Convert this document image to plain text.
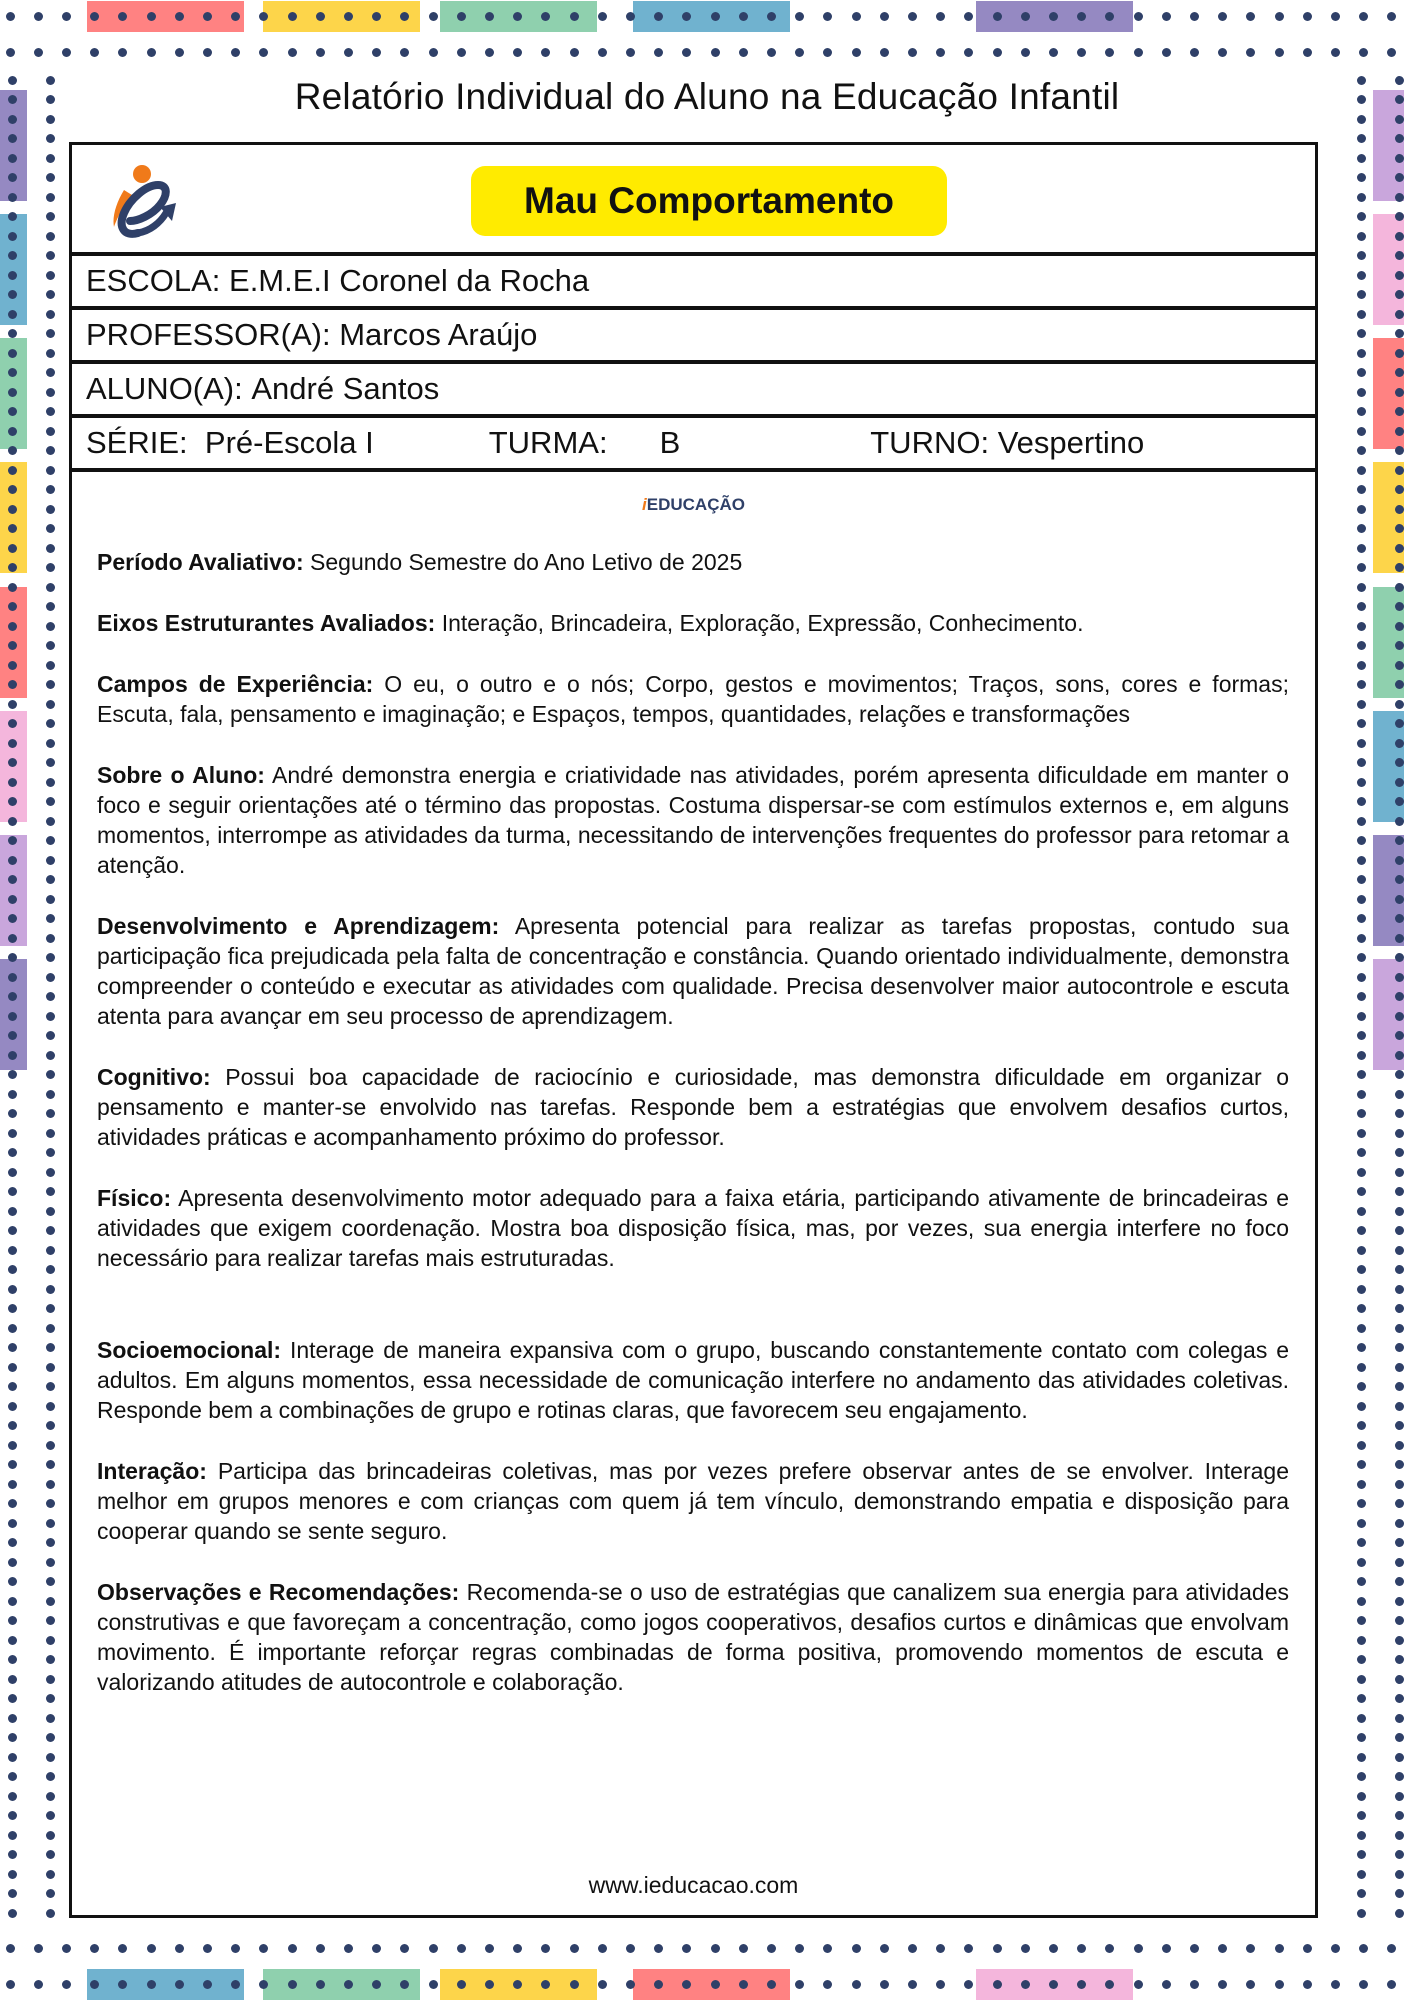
Relatório Individual do Aluno na Educação Infantil
Mau Comportamento
ESCOLA:
E.M.E.I Coronel da Rocha
PROFESSOR(A):
Marcos Araújo
ALUNO(A):
André Santos
SÉRIE:
Pré-Escola I	TURMA: B	TURNO:
Vespertino
iEDUCAÇÃO

Período Avaliativo: Segundo Semestre do Ano Letivo de 2025

Eixos Estruturantes Avaliados: Interação, Brincadeira, Exploração, Expressão, Conhecimento.

Campos de Experiência: O eu, o outro e o nós; Corpo, gestos e movimentos; Traços, sons, cores e formas; Escuta, fala, pensamento e imaginação; e Espaços, tempos, quantidades, relações e transformações

Sobre o Aluno: André demonstra energia e criatividade nas atividades, porém apresenta dificuldade em manter o foco e seguir orientações até o término das propostas. Costuma dispersar-se com estímulos externos e, em alguns momentos, interrompe as atividades da turma, necessitando de intervenções frequentes do professor para retomar a atenção.

Desenvolvimento e Aprendizagem: Apresenta potencial para realizar as tarefas propostas, contudo sua participação fica prejudicada pela falta de concentração e constância. Quando orientado individualmente, demonstra compreender o conteúdo e executar as atividades com qualidade. Precisa desenvolver maior autocontrole e escuta atenta para avançar em seu processo de aprendizagem.

Cognitivo: Possui boa capacidade de raciocínio e curiosidade, mas demonstra dificuldade em organizar o pensamento e manter-se envolvido nas tarefas. Responde bem a estratégias que envolvem desafios curtos, atividades práticas e acompanhamento próximo do professor.

Físico: Apresenta desenvolvimento motor adequado para a faixa etária, participando ativamente de brincadeiras e atividades que exigem coordenação. Mostra boa disposição física, mas, por vezes, sua energia interfere no foco necessário para realizar tarefas mais estruturadas.

Socioemocional: Interage de maneira expansiva com o grupo, buscando constantemente contato com colegas e adultos. Em alguns momentos, essa necessidade de comunicação interfere no andamento das atividades coletivas. Responde bem a combinações de grupo e rotinas claras, que favorecem seu engajamento.

Interação: Participa das brincadeiras coletivas, mas por vezes prefere observar antes de se envolver. Interage melhor em grupos menores e com crianças com quem já tem vínculo, demonstrando empatia e disposição para cooperar quando se sente seguro.

Observações e Recomendações: Recomenda-se o uso de estratégias que canalizem sua energia para atividades construtivas e que favoreçam a concentração, como jogos cooperativos, desafios curtos e dinâmicas que envolvam movimento. É importante reforçar regras combinadas de forma positiva, promovendo momentos de escuta e valorizando atitudes de autocontrole e colaboração.

www.ieducacao.com
